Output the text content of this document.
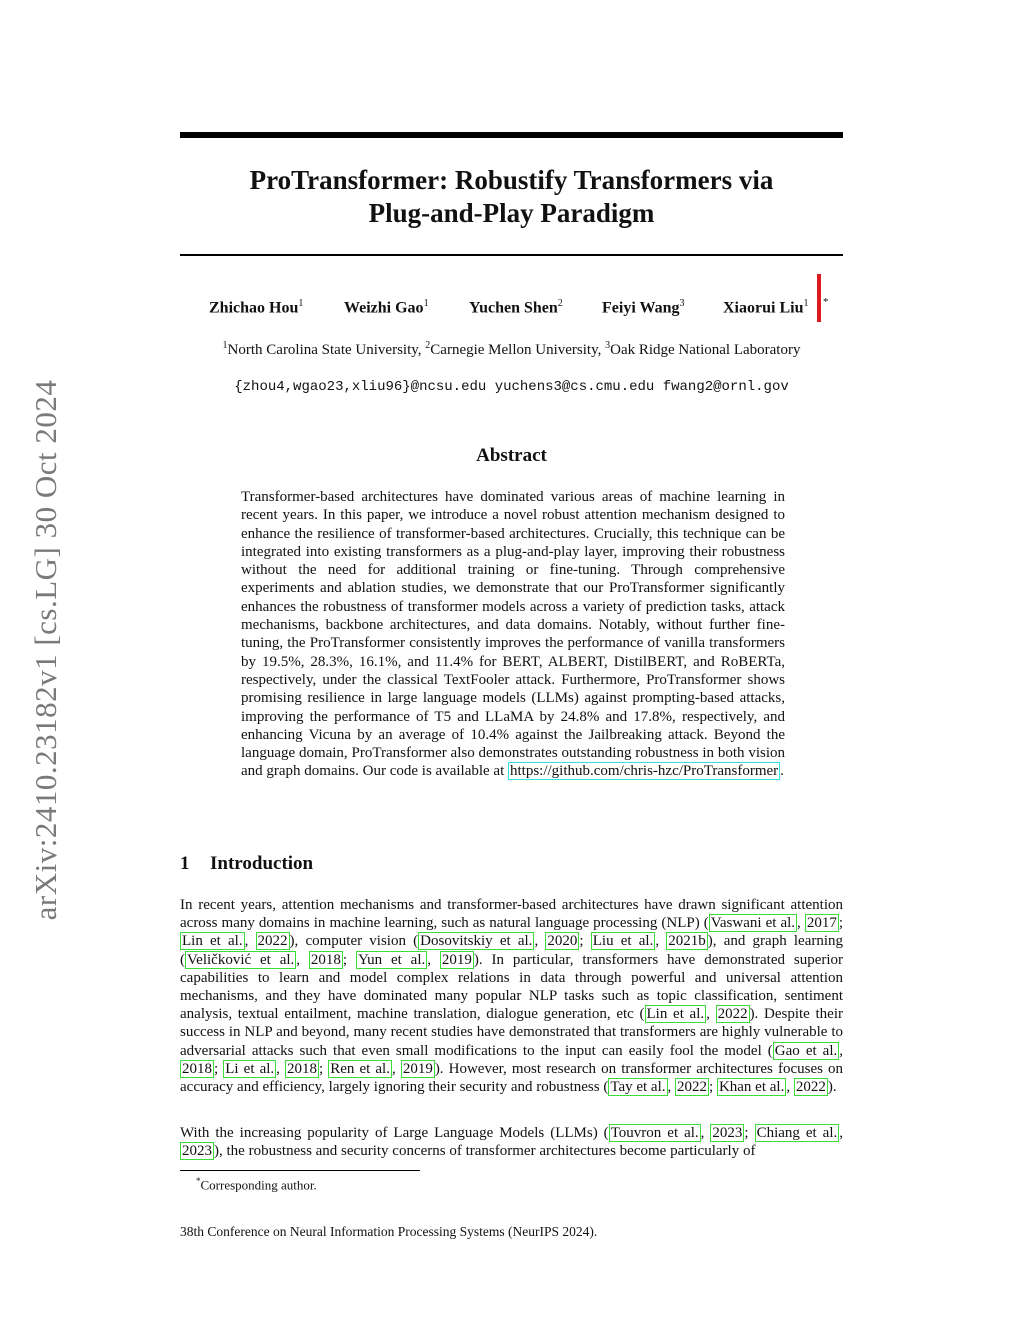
arXiv:2410.23182v1 [cs.LG] 30 Oct 2024
ProTransformer: Robustify Transformers via
Plug-and-Play Paradigm
Zhichao Hou$^1$	Weizhi Gao$^1$	Yuchen Shen$^2$ Feiyi Wang$^3$ Xiaorui Liu$^1$ *
$^1$North Carolina State University, $^2$Carnegie Mellon University, $^3$Oak Ridge National Laboratory
{zhou4,wgao23,xliu96}@ncsu.edu yuchens3@cs.cmu.edu fwang2@ornl.gov
Abstract
Transformer-based architectures have dominated various areas of machine learning in recent years. In this paper, we introduce a novel robust attention mechanism designed to enhance the resilience of transformer-based architectures. Crucially, this technique can be integrated into existing transformers as a plug-and-play layer, improving their robustness without the need for additional training or fine-tuning. Through comprehensive experiments and ablation studies, we demonstrate that our ProTransformer significantly enhances the robustness of transformer models across a variety of prediction tasks, attack mechanisms, backbone architectures, and data domains. Notably, without further fine-tuning, the ProTransformer consistently improves the performance of vanilla transformers by 19.5%, 28.3%, 16.1%, and 11.4% for BERT, ALBERT, DistilBERT, and RoBERTa, respectively, under the classical TextFooler attack. Furthermore, ProTransformer shows promising resilience in large language models (LLMs) against prompting-based attacks, improving the performance of T5 and LLaMA by 24.8% and 17.8%, respectively, and enhancing Vicuna by an average of 10.4% against the Jailbreaking attack. Beyond the language domain, ProTransformer also demonstrates outstanding robustness in both vision and graph domains. Our code is available at https://github.com/chris-hzc/ProTransformer .
1 Introduction
In recent years, attention mechanisms and transformer-based architectures have drawn significant attention across many domains in machine learning, such as natural language processing (NLP) ( Vaswani et al. , 2017 ; Lin et al. , 2022 ), computer vision ( Dosovitskiy et al. , 2020 ; Liu et al. , 2021b ), and graph learning ( Veličković et al. , 2018 ; Yun et al. , 2019 ). In particular, transformers have demonstrated superior capabilities to learn and model complex relations in data through powerful and universal attention mechanisms, and they have dominated many popular NLP tasks such as topic classification, sentiment analysis, textual entailment, machine translation, dialogue generation, etc ( Lin et al. , 2022 ). Despite their success in NLP and beyond, many recent studies have demonstrated that transformers are highly vulnerable to adversarial attacks such that even small modifications to the input can easily fool the model ( Gao et al. , 2018 ; Li et al. , 2018 ; Ren et al. , 2019 ). However, most research on transformer architectures focuses on accuracy and efficiency, largely ignoring their security and robustness ( Tay et al. , 2022 ; Khan et al. , 2022 ).
With the increasing popularity of Large Language Models (LLMs) ( Touvron et al. , 2023 ; Chiang et al. , 2023 ), the robustness and security concerns of transformer architectures become particularly of
*Corresponding author.
38th Conference on Neural Information Processing Systems (NeurIPS 2024).
